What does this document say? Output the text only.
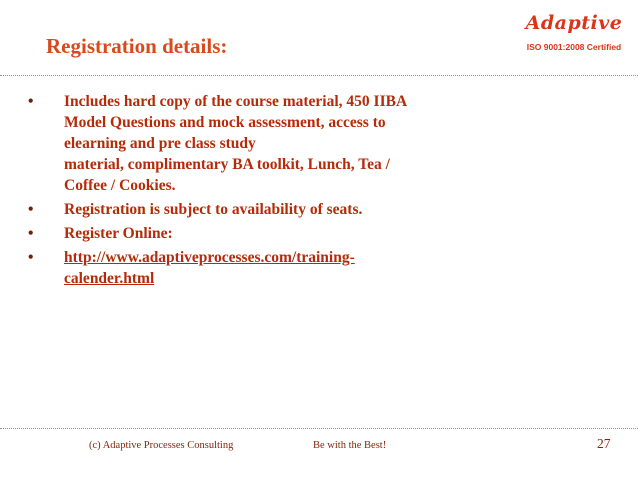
Registration details:
Adaptive
ISO 9001:2008 Certified
• Includes hard copy of the course material, 450 IIBA
Model Questions and mock assessment, access to
elearning and pre class study
material, complimentary BA toolkit, Lunch, Tea /
Coffee / Cookies.
• Registration is subject to availability of seats.
• Register Online:
• http://www.adaptiveprocesses.com/training-
calender.html
(c) Adaptive Processes Consulting	Be with the Best!	27
